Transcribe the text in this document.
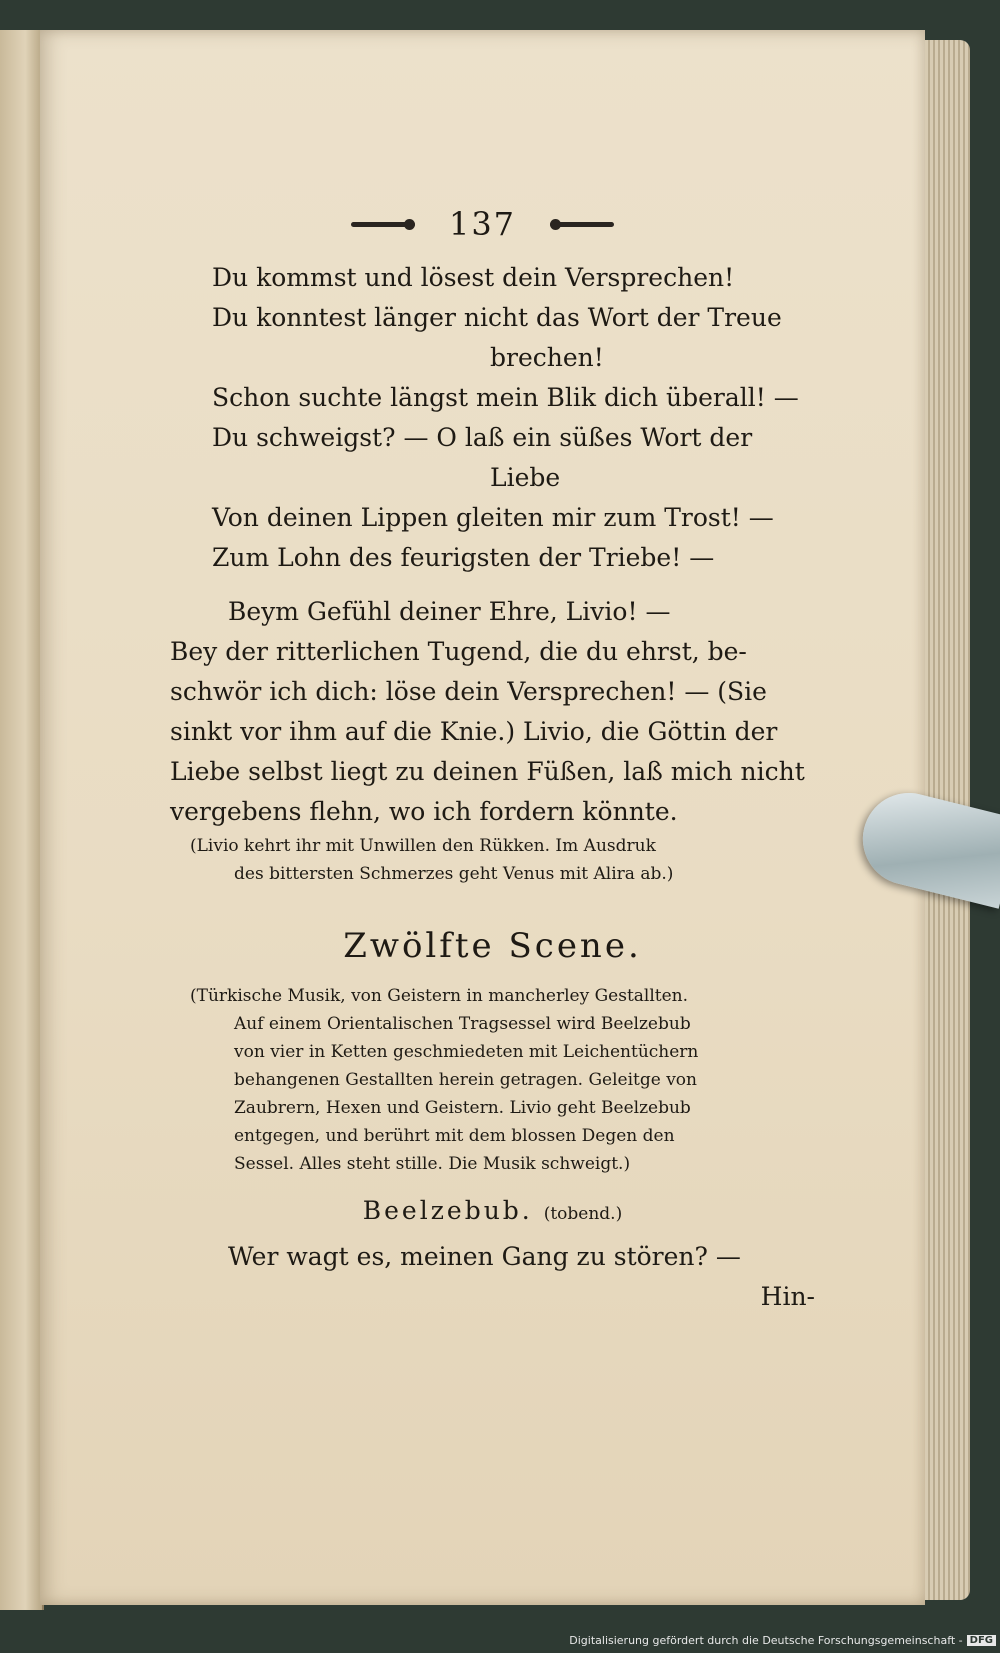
137
Du kommst und lösest dein Versprechen!
Du konntest länger nicht das Wort der Treue
brechen!
Schon suchte längst mein Blik dich überall! —
Du schweigst? — O laß ein süßes Wort der
Liebe
Von deinen Lippen gleiten mir zum Trost! —
Zum Lohn des feurigsten der Triebe! —
Beym Gefühl deiner Ehre, Livio! —
Bey der ritterlichen Tugend, die du ehrst, be-
schwör ich dich: löse dein Versprechen! — (Sie
sinkt vor ihm auf die Knie.) Livio, die Göttin der
Liebe selbst liegt zu deinen Füßen, laß mich nicht
vergebens flehn, wo ich fordern könnte.
(Livio kehrt ihr mit Unwillen den Rükken. Im Ausdruk
des bittersten Schmerzes geht Venus mit Alira ab.)
Zwölfte Scene.
(Türkische Musik, von Geistern in mancherley Gestallten.
Auf einem Orientalischen Tragsessel wird Beelzebub
von vier in Ketten geschmiedeten mit Leichentüchern
behangenen Gestallten herein getragen. Geleitge von
Zaubrern, Hexen und Geistern. Livio geht Beelzebub
entgegen, und berührt mit dem blossen Degen den
Sessel. Alles steht stille. Die Musik schweigt.)
Beelzebub. (tobend.)
Wer wagt es, meinen Gang zu stören? —
Hin-
Digitalisierung gefördert durch die Deutsche Forschungsgemeinschaft - DFG
